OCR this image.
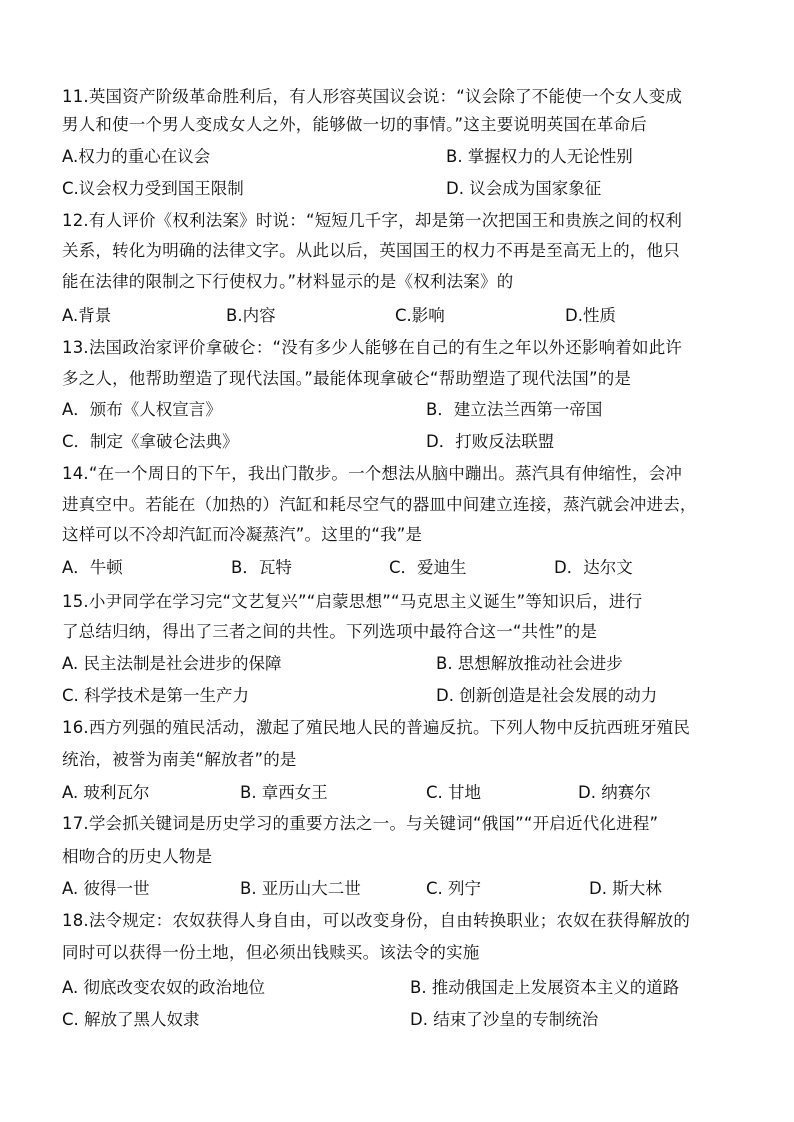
11.英国资产阶级革命胜利后，有人形容英国议会说：“议会除了不能使一个女人变成
男人和使一个男人变成女人之外，能够做一切的事情。”这主要说明英国在革命后
A.权力的重心在议会	B. 掌握权力的人无论性别
C.议会权力受到国王限制	D. 议会成为国家象征
12.有人评价《权利法案》时说：“短短几千字，却是第一次把国王和贵族之间的权利
关系，转化为明确的法律文字。从此以后，英国国王的权力不再是至高无上的，他只
能在法律的限制之下行使权力。”材料显示的是《权利法案》的
A.背景	B.内容	C.影响	D.性质
13.法国政治家评价拿破仑：“没有多少人能够在自己的有生之年以外还影响着如此许
多之人，他帮助塑造了现代法国。”最能体现拿破仑“帮助塑造了现代法国”的是
A．颁布《人权宣言》	B．建立法兰西第一帝国
C．制定《拿破仑法典》	D．打败反法联盟
14.“在一个周日的下午，我出门散步。一个想法从脑中蹦出。蒸汽具有伸缩性，会冲
进真空中。若能在（加热的）汽缸和耗尽空气的器皿中间建立连接，蒸汽就会冲进去，
这样可以不冷却汽缸而冷凝蒸汽”。这里的“我”是
A．牛顿	B．瓦特	C．爱迪生	D．达尔文
15.小尹同学在学习完“文艺复兴”“启蒙思想”“马克思主义诞生”等知识后，进行
了总结归纳，得出了三者之间的共性。下列选项中最符合这一“共性”的是
A. 民主法制是社会进步的保障	B. 思想解放推动社会进步
C. 科学技术是第一生产力	D. 创新创造是社会发展的动力
16.西方列强的殖民活动，激起了殖民地人民的普遍反抗。下列人物中反抗西班牙殖民
统治，被誉为南美“解放者”的是
A. 玻利瓦尔	B. 章西女王	C. 甘地	D. 纳赛尔
17.学会抓关键词是历史学习的重要方法之一。与关键词“俄国”“开启近代化进程”
相吻合的历史人物是
A. 彼得一世	B. 亚历山大二世	C. 列宁	D. 斯大林
18.法令规定：农奴获得人身自由，可以改变身份，自由转换职业；农奴在获得解放的
同时可以获得一份土地，但必须出钱赎买。该法令的实施
A. 彻底改变农奴的政治地位	B. 推动俄国走上发展资本主义的道路
C. 解放了黑人奴隶	D. 结束了沙皇的专制统治
